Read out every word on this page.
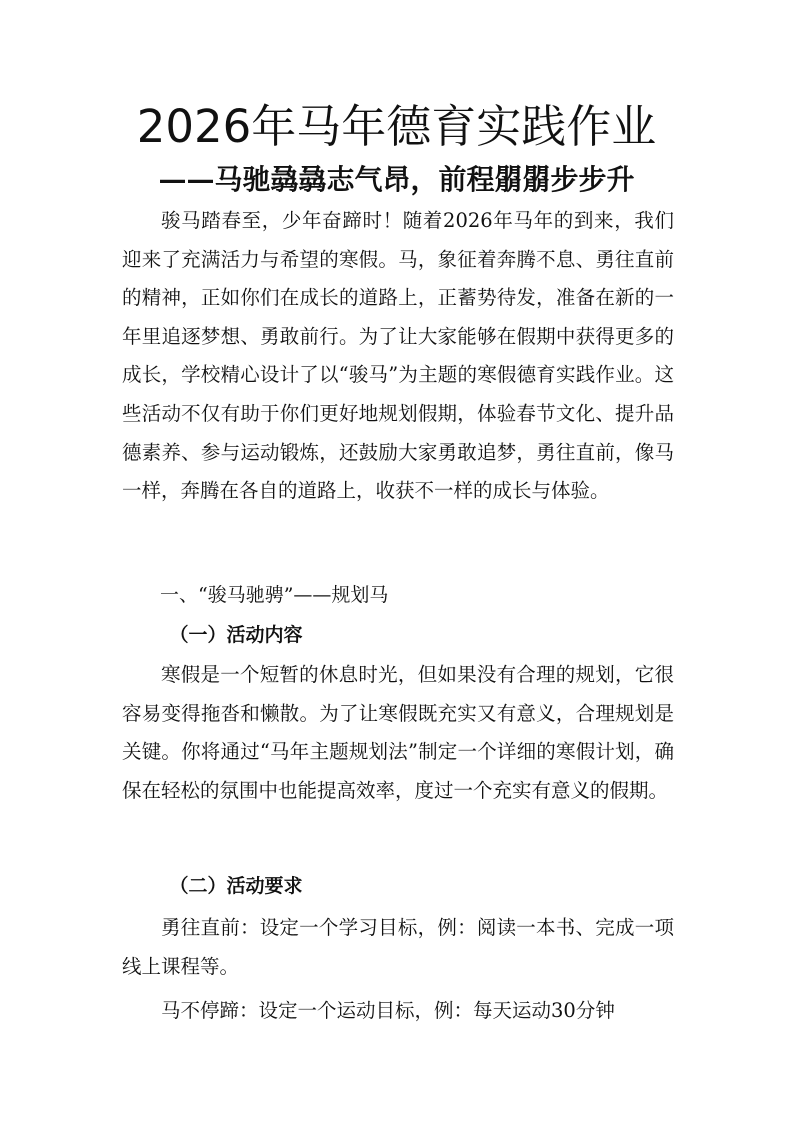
2026年马年德育实践作业
——马驰骉骉志气昂，前程朤朤步步升

骏马踏春至，少年奋蹄时！随着2026年马年的到来，我们迎来了充满活力与希望的寒假。马，象征着奔腾不息、勇往直前的精神，正如你们在成长的道路上，正蓄势待发，准备在新的一年里追逐梦想、勇敢前行。为了让大家能够在假期中获得更多的成长，学校精心设计了以“骏马”为主题的寒假德育实践作业。这些活动不仅有助于你们更好地规划假期，体验春节文化、提升品德素养、参与运动锻炼，还鼓励大家勇敢追梦，勇往直前，像马一样，奔腾在各自的道路上，收获不一样的成长与体验。

一、“骏马驰骋”——规划马

（一）活动内容

寒假是一个短暂的休息时光，但如果没有合理的规划，它很容易变得拖沓和懒散。为了让寒假既充实又有意义，合理规划是关键。你将通过“马年主题规划法”制定一个详细的寒假计划，确保在轻松的氛围中也能提高效率，度过一个充实有意义的假期。

（二）活动要求

勇往直前：设定一个学习目标，例：阅读一本书、完成一项线上课程等。

马不停蹄：设定一个运动目标，例：每天运动30分钟
